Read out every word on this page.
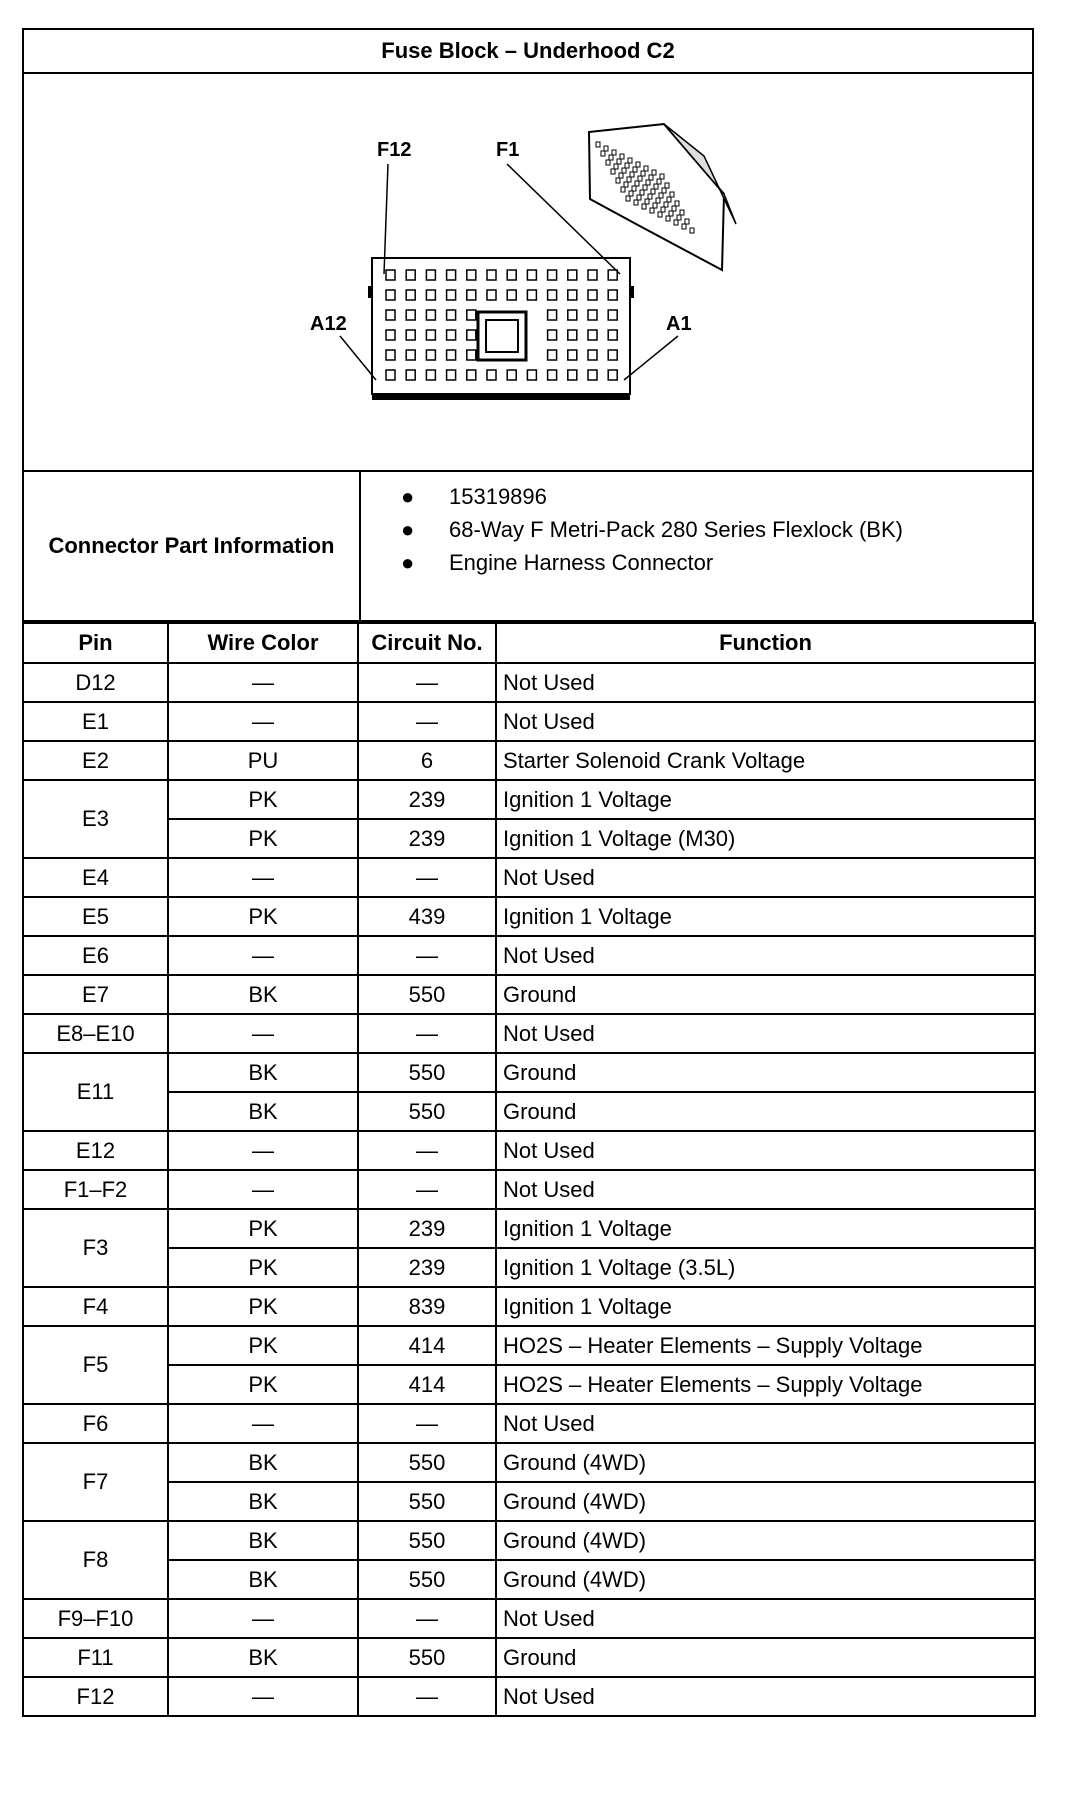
Fuse Block – Underhood C2
F12	F1
A12	A1
Connector Part Information
●	15319896
●	68-Way F Metri-Pack 280 Series Flexlock (BK)
●	Engine Harness Connector
Pin	Wire Color	Circuit No.	Function
D12	—	—	Not Used
E1	—	—	Not Used
E2	PU	6	Starter Solenoid Crank Voltage
E3	PK	239	Ignition 1 Voltage
	PK	239	Ignition 1 Voltage (M30)
E4	—	—	Not Used
E5	PK	439	Ignition 1 Voltage
E6	—	—	Not Used
E7	BK	550	Ground
E8–E10	—	—	Not Used
E11	BK	550	Ground
	BK	550	Ground
E12	—	—	Not Used
F1–F2	—	—	Not Used
F3	PK	239	Ignition 1 Voltage
	PK	239	Ignition 1 Voltage (3.5L)
F4	PK	839	Ignition 1 Voltage
F5	PK	414	HO2S – Heater Elements – Supply Voltage
	PK	414	HO2S – Heater Elements – Supply Voltage
F6	—	—	Not Used
F7	BK	550	Ground (4WD)
	BK	550	Ground (4WD)
F8	BK	550	Ground (4WD)
	BK	550	Ground (4WD)
F9–F10	—	—	Not Used
F11	BK	550	Ground
F12	—	—	Not Used
